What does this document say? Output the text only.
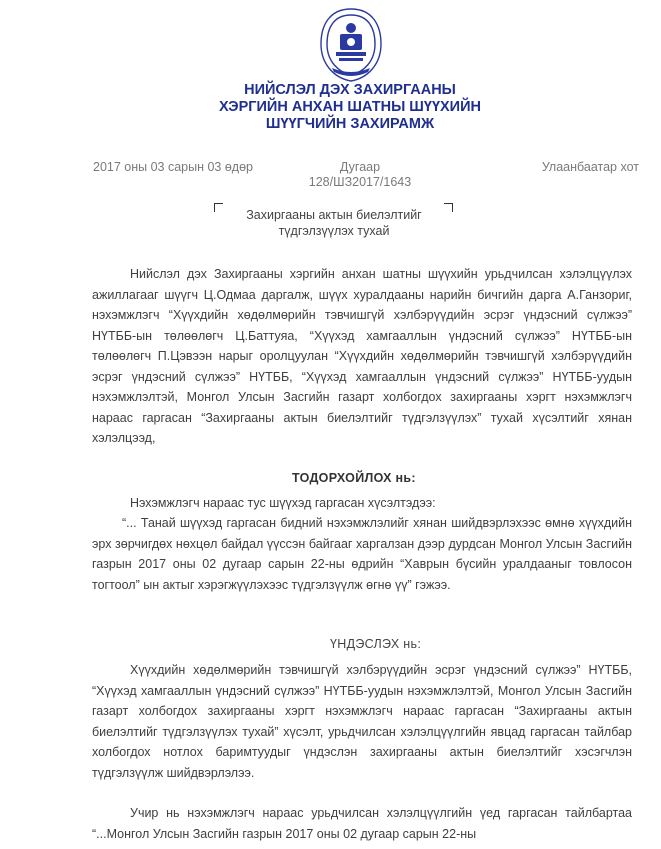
НИЙСЛЭЛ ДЭХ ЗАХИРГААНЫ
ХЭРГИЙН АНХАН ШАТНЫ ШҮҮХИЙН
ШҮҮГЧИЙН ЗАХИРАМЖ
2017 оны 03 сарын 03 өдөр	Дугаар
128/ШЗ2017/1643
Улаанбаатар хот
Захиргааны актын биелэлтийг
түдгэлзүүлэх тухай
Нийслэл дэх Захиргааны хэргийн анхан шатны шүүхийн урьдчилсан хэлэлцүүлэх ажиллагааг шүүгч Ц.Одмаа даргалж, шүүх хуралдааны нарийн бичгийн дарга А.Ганзориг, нэхэмжлэгч “Хүүхдийн хөдөлмөрийн тэвчишгүй хэлбэрүүдийн эсрэг үндэсний сүлжээ” НҮТББ-ын төлөөлөгч Ц.Баттуяа, “Хүүхэд хамгааллын үндэсний сүлжээ” НҮТББ-ын төлөөлөгч П.Цэвээн нарыг оролцуулан “Хүүхдийн хөдөлмөрийн тэвчишгүй хэлбэрүүдийн эсрэг үндэсний сүлжээ” НҮТББ, “Хүүхэд хамгааллын үндэсний сүлжээ” НҮТББ-уудын нэхэмжлэлтэй, Монгол Улсын Засгийн газарт холбогдох захиргааны хэргт нэхэмжлэгч нараас гаргасан “Захиргааны актын биелэлтийг түдгэлзүүлэх” тухай хүсэлтийг хянан хэлэлцээд,
ТОДОРХОЙЛОХ нь:
Нэхэмжлэгч нараас тус шүүхэд гаргасан хүсэлтэдээ:
“... Танай шүүхэд гаргасан бидний нэхэмжлэлийг хянан шийдвэрлэхээс өмнө хүүхдийн эрх зөрчигдөх нөхцөл байдал үүссэн байгааг харгалзан дээр дурдсан Монгол Улсын Засгийн газрын 2017 оны 02 дугаар сарын 22-ны өдрийн “Хаврын бүсийн уралдааныг товлосон тогтоол” ын актыг хэрэгжүүлэхээс түдгэлзүүлж өгнө үү” гэжээ.
ҮНДЭСЛЭХ нь:
Хүүхдийн хөдөлмөрийн тэвчишгүй хэлбэрүүдийн эсрэг үндэсний сүлжээ” НҮТББ, “Хүүхэд хамгааллын үндэсний сүлжээ” НҮТББ-уудын нэхэмжлэлтэй, Монгол Улсын Засгийн газарт холбогдох захиргааны хэргт нэхэмжлэгч нараас гаргасан “Захиргааны актын биелэлтийг түдгэлзүүлэх тухай” хүсэлт, урьдчилсан хэлэлцүүлгийн явцад гаргасан тайлбар холбогдох нотлох баримтуудыг үндэслэн захиргааны актын биелэлтийг хэсэгчлэн түдгэлзүүлж шийдвэрлэлээ.
Учир нь нэхэмжлэгч нараас урьдчилсан хэлэлцүүлгийн үед гаргасан тайлбартаа “...Монгол Улсын Засгийн газрын 2017 оны 02 дугаар сарын 22-ны
